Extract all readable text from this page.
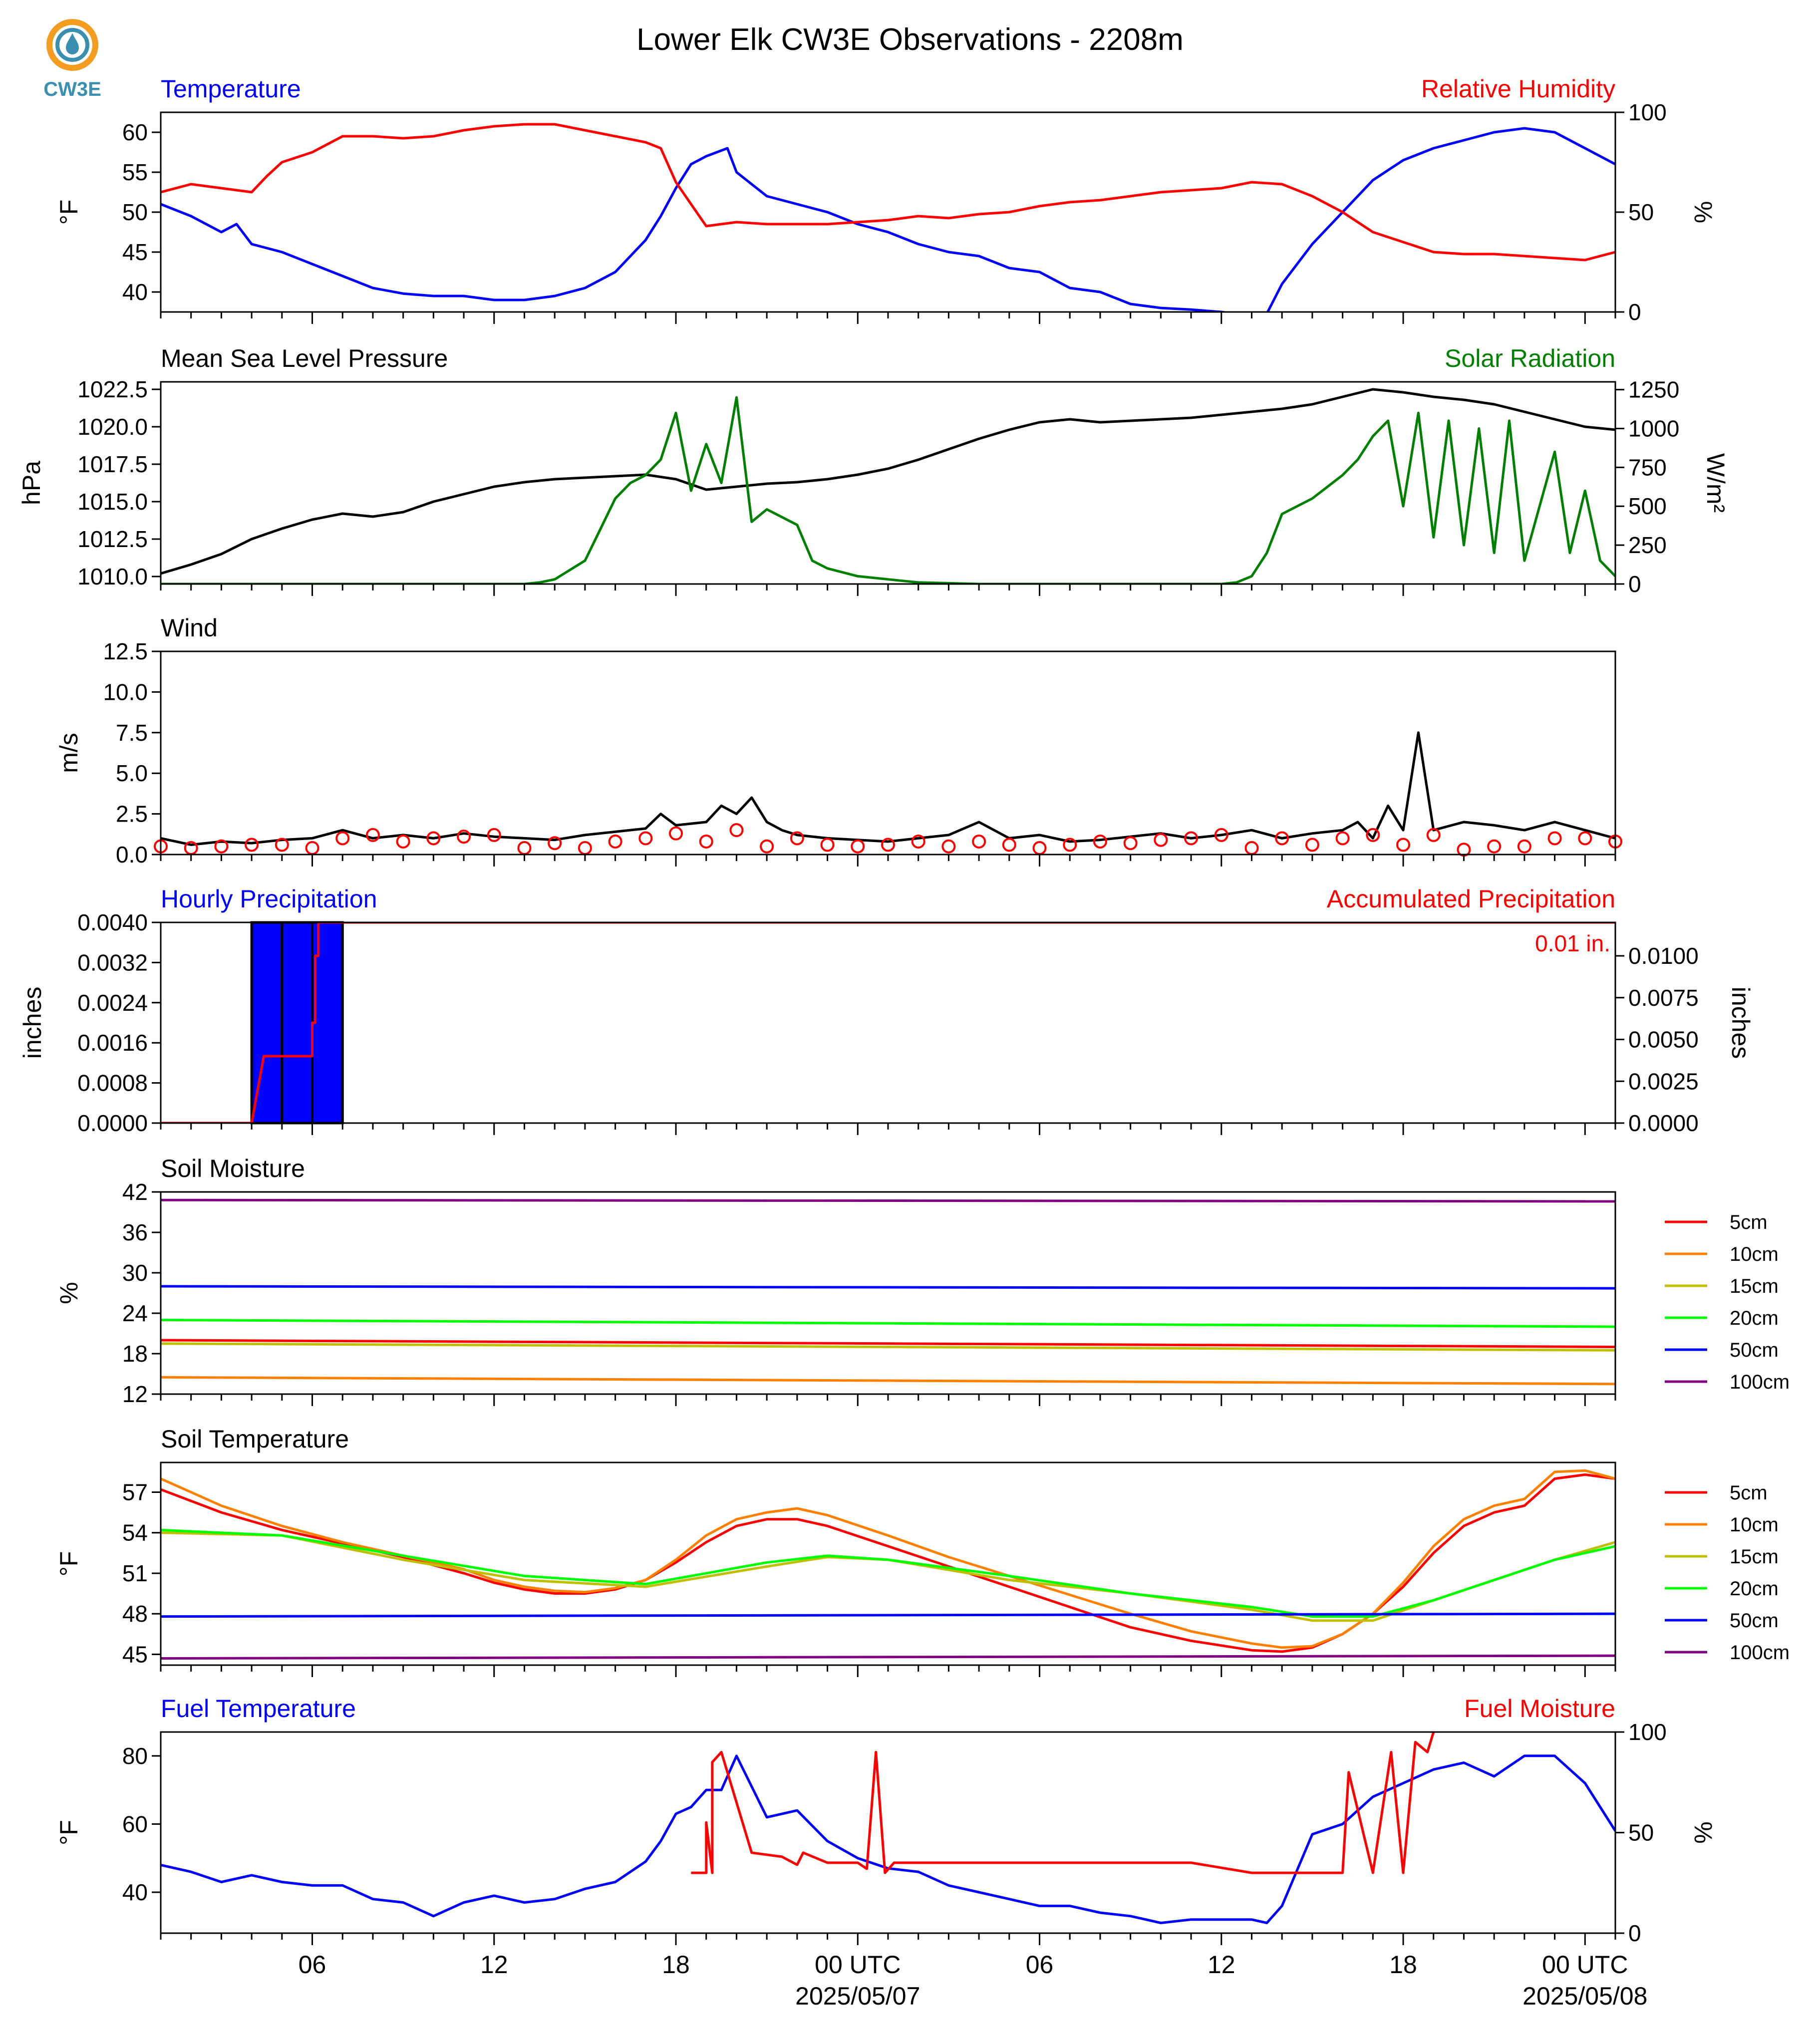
CW3E
Lower Elk CW3E Observations - 2208m
Temperature	Relative Humidity
40
45
50
55
60
0
50
100
°F	%
Mean Sea Level Pressure	Solar Radiation
1010.0
1012.5
1015.0
1017.5
1020.0
1022.5
0
250
500
750
1000
1250
hPa	W/m²
Wind
0.0
2.5
5.0
7.5
10.0
12.5
m/s
Hourly Precipitation	Accumulated Precipitation
0.0000
0.0008
0.0016
0.0024
0.0032
0.0040
0.0000
0.0025
0.0050
0.0075
0.0100
inches	inches
0.01 in.
Soil Moisture
12
18
24
30
36
42
%
5cm
10cm
15cm
20cm
50cm
100cm
Soil Temperature
45
48
51
54
57
°F
5cm
10cm
15cm
20cm
50cm
100cm
Fuel Temperature	Fuel Moisture
40
60
80
0
50
100
°F	%
06	12	18	00 UTC	06	12	18	00 UTC
2025/05/07	2025/05/08
